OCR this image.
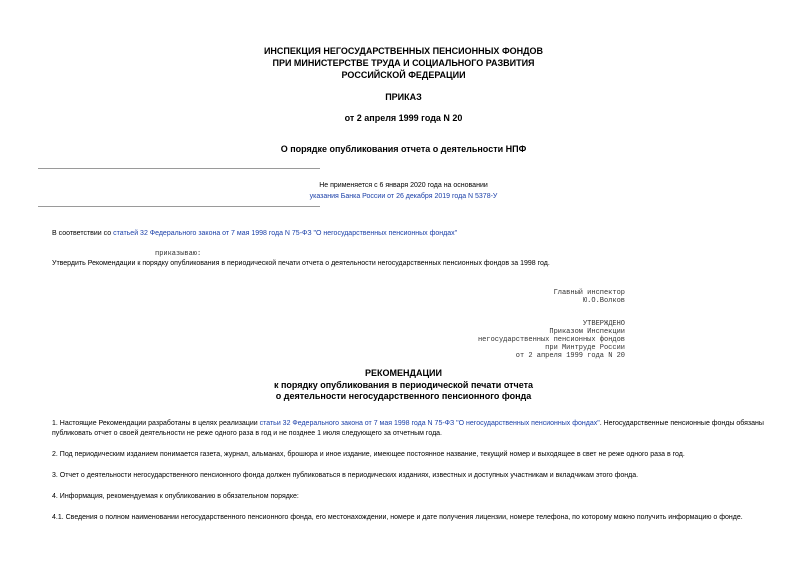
ИНСПЕКЦИЯ НЕГОСУДАРСТВЕННЫХ ПЕНСИОННЫХ ФОНДОВ
ПРИ МИНИСТЕРСТВЕ ТРУДА И СОЦИАЛЬНОГО РАЗВИТИЯ
РОССИЙСКОЙ ФЕДЕРАЦИИ
ПРИКАЗ
от 2 апреля 1999 года N 20
О порядке опубликования отчета о деятельности НПФ
Не применяется с 6 января 2020 года на основании
указания Банка России от 26 декабря 2019 года N 5378-У
В соответствии со статьей 32 Федерального закона от 7 мая 1998 года N 75-ФЗ "О негосударственных пенсионных фондах"
приказываю:
Утвердить Рекомендации к порядку опубликования в периодической печати отчета о деятельности негосударственных пенсионных фондов за 1998 год.
Главный инспектор
Ю.О.Волков
УТВЕРЖДЕНО
Приказом Инспекции
негосударственных пенсионных фондов
при Минтруде России
от 2 апреля 1999 года N 20
РЕКОМЕНДАЦИИ
к порядку опубликования в периодической печати отчета
о деятельности негосударственного пенсионного фонда
1. Настоящие Рекомендации разработаны в целях реализации статьи 32 Федерального закона от 7 мая 1998 года N 75-ФЗ "О негосударственных пенсионных фондах". Негосударственные пенсионные фонды обязаны публиковать отчет о своей деятельности не реже одного раза в год и не позднее 1 июля следующего за отчетным года.
2. Под периодическим изданием понимается газета, журнал, альманах, брошюра и иное издание, имеющее постоянное название, текущий номер и выходящее в свет не реже одного раза в год.
3. Отчет о деятельности негосударственного пенсионного фонда должен публиковаться в периодических изданиях, известных и доступных участникам и вкладчикам этого фонда.
4. Информация, рекомендуемая к опубликованию в обязательном порядке:
4.1. Сведения о полном наименовании негосударственного пенсионного фонда, его местонахождении, номере и дате получения лицензии, номере телефона, по которому можно получить информацию о фонде.
